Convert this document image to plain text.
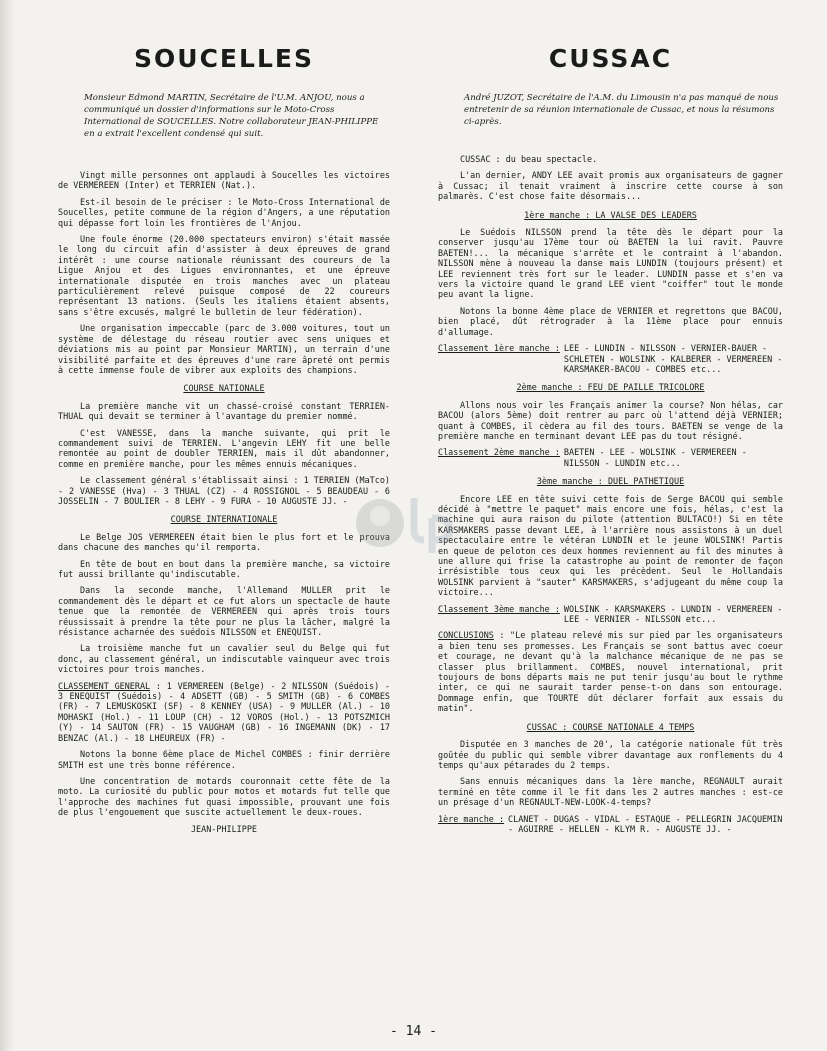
SOUCELLES
Monsieur Edmond MARTIN, Secrétaire de l'U.M. ANJOU, nous a communiqué un dossier d'informations sur le Moto-Cross International de SOUCELLES. Notre collaborateur JEAN-PHILIPPE en a extrait l'excellent condensé qui suit.

Vingt mille personnes ont applaudi à Soucelles les victoires de VERMEREEN (Inter) et TERRIEN (Nat.).

Est-il besoin de le préciser : le Moto-Cross International de Soucelles, petite commune de la région d'Angers, a une réputation qui dépasse fort loin les frontières de l'Anjou.

Une foule énorme (20.000 spectateurs environ) s'était massée le long du circuit afin d'assister à deux épreuves de grand intérêt : une course nationale réunissant des coureurs de la Ligue Anjou et des Ligues environnantes, et une épreuve internationale disputée en trois manches avec un plateau particulièrement relevé puisque composé de 22 coureurs représentant 13 nations. (Seuls les italiens étaient absents, sans s'être excusés, malgré le bulletin de leur fédération).

Une organisation impeccable (parc de 3.000 voitures, tout un système de délestage du réseau routier avec sens uniques et déviations mis au point par Monsieur MARTIN), un terrain d'une visibilité parfaite et des épreuves d'une rare âpreté ont permis à cette immense foule de vibrer aux exploits des champions.

COURSE NATIONALE

La première manche vit un chassé-croisé constant TERRIEN-THUAL qui devait se terminer à l'avantage du premier nommé.

C'est VANESSE, dans la manche suivante, qui prit le commandement suivi de TERRIEN. L'angevin LEHY fit une belle remontée au point de doubler TERRIEN, mais il dût abandonner, comme en première manche, pour les mêmes ennuis mécaniques.

Le classement général s'établissait ainsi : 1 TERRIEN (MaTco) - 2 VANESSE (Hva) - 3 THUAL (CZ) - 4 ROSSIGNOL - 5 BEAUDEAU - 6 JOSSELIN - 7 BOULIER - 8 LEHY - 9 FURA - 10 AUGUSTE JJ. -

COURSE INTERNATIONALE

Le Belge JOS VERMEREEN était bien le plus fort et le prouva dans chacune des manches qu'il remporta.

En tête de bout en bout dans la première manche, sa victoire fut aussi brillante qu'indiscutable.

Dans la seconde manche, l'Allemand MULLER prit le commandement dès le départ et ce fut alors un spectacle de haute tenue que la remontée de VERMEREEN qui après trois tours réussissait à prendre la tête pour ne plus la lâcher, malgré la résistance acharnée des suédois NILSSON et ENEQUIST.

La troisième manche fut un cavalier seul du Belge qui fut donc, au classement général, un indiscutable vainqueur avec trois victoires pour trois manches.

CLASSEMENT GENERAL : 1 VERMEREEN (Belge) - 2 NILSSON (Suédois) - 3 ENEQUIST (Suédois) - 4 ADSETT (GB) - 5 SMITH (GB) - 6 COMBES (FR) - 7 LEMUSKOSKI (SF) - 8 KENNEY (USA) - 9 MULLER (Al.) - 10 MOHASKI (Hol.) - 11 LOUP (CH) - 12 VOROS (Hol.) - 13 POTSZMICH (Y) - 14 SAUTON (FR) - 15 VAUGHAM (GB) - 16 INGEMANN (DK) - 17 BENZAC (Al.) - 18 LHEUREUX (FR) -

Notons la bonne 6ème place de Michel COMBES : finir derrière SMITH est une très bonne référence.

Une concentration de motards couronnait cette fête de la moto. La curiosité du public pour motos et motards fut telle que l'approche des machines fut quasi impossible, prouvant une fois de plus l'engouement que suscite actuellement le deux-roues.

JEAN-PHILIPPE
CUSSAC
André JUZOT, Secrétaire de l'A.M. du Limousin n'a pas manqué de nous entretenir de sa réunion internationale de Cussac, et nous la résumons ci-après.

CUSSAC : du beau spectacle.

L'an dernier, ANDY LEE avait promis aux organisateurs de gagner à Cussac; il tenait vraiment à inscrire cette course à son palmarès. C'est chose faite désormais...

1ère manche : LA VALSE DES LEADERS

Le Suédois NILSSON prend la tête dès le départ pour la conserver jusqu'au 17ème tour où BAETEN la lui ravit. Pauvre BAETEN!... la mécanique s'arrête et le contraint à l'abandon. NILSSON mène à nouveau la danse mais LUNDIN (toujours présent) et LEE reviennent très fort sur le leader. LUNDIN passe et s'en va vers la victoire quand le grand LEE vient "coiffer" tout le monde peu avant la ligne.

Notons la bonne 4ème place de VERNIER et regrettons que BACOU, bien placé, dût rétrograder à la 11ème place pour ennuis d'allumage.

Classement 1ère manche : LEE - LUNDIN - NILSSON - VERNIER-BAUER - SCHLETEN - WOLSINK - KALBERER - VERMEREEN - KARSMAKER-BACOU - COMBES etc...
2ème manche : FEU DE PAILLE TRICOLORE

Allons nous voir les Français animer la course? Non hélas, car BACOU (alors 5ème) doit rentrer au parc où l'attend déjà VERNIER; quant à COMBES, il cèdera au fil des tours. BAETEN se venge de la première manche en terminant devant LEE pas du tout résigné.

Classement 2ème manche : BAETEN - LEE - WOLSINK - VERMEREEN - NILSSON - LUNDIN etc...
3ème manche : DUEL PATHETIQUE

Encore LEE en tête suivi cette fois de Serge BACOU qui semble décidé à "mettre le paquet" mais encore une fois, hélas, c'est la machine qui aura raison du pilote (attention BULTACO!) Si en tête KARSMAKERS passe devant LEE, à l'arrière nous assistons à un duel spectaculaire entre le vétéran LUNDIN et le jeune WOLSINK! Partis en queue de peloton ces deux hommes reviennent au fil des minutes à une allure qui frise la catastrophe au point de remonter de façon irrésistible tous ceux qui les précèdent. Seul le Hollandais WOLSINK parvient à "sauter" KARSMAKERS, s'adjugeant du même coup la victoire...

Classement 3ème manche : WOLSINK - KARSMAKERS - LUNDIN - VERMEREEN - LEE - VERNIER - NILSSON etc...

CONCLUSIONS : "Le plateau relevé mis sur pied par les organisateurs a bien tenu ses promesses. Les Français se sont battus avec coeur et courage, ne devant qu'à la malchance mécanique de ne pas se classer plus brillamment. COMBES, nouvel international, prit toujours de bons départs mais ne put tenir jusqu'au bout le rythme inter, ce qui ne saurait tarder pense-t-on dans son entourage. Dommage enfin, que TOURTE dût déclarer forfait aux essais du matin".

CUSSAC : COURSE NATIONALE 4 TEMPS

Disputée en 3 manches de 20', la catégorie nationale fût très goûtée du public qui semble vibrer davantage aux ronflements du 4 temps qu'aux pétarades du 2 temps.

Sans ennuis mécaniques dans la 1ère manche, REGNAULT aurait terminé en tête comme il le fit dans les 2 autres manches : est-ce un présage d'un REGNAULT-NEW-LOOK-4-temps?

1ère manche : CLANET - DUGAS - VIDAL - ESTAQUE - PELLEGRIN JACQUEMIN - AGUIRRE - HELLEN - KLYM R. - AUGUSTE JJ. -
- 14 -
